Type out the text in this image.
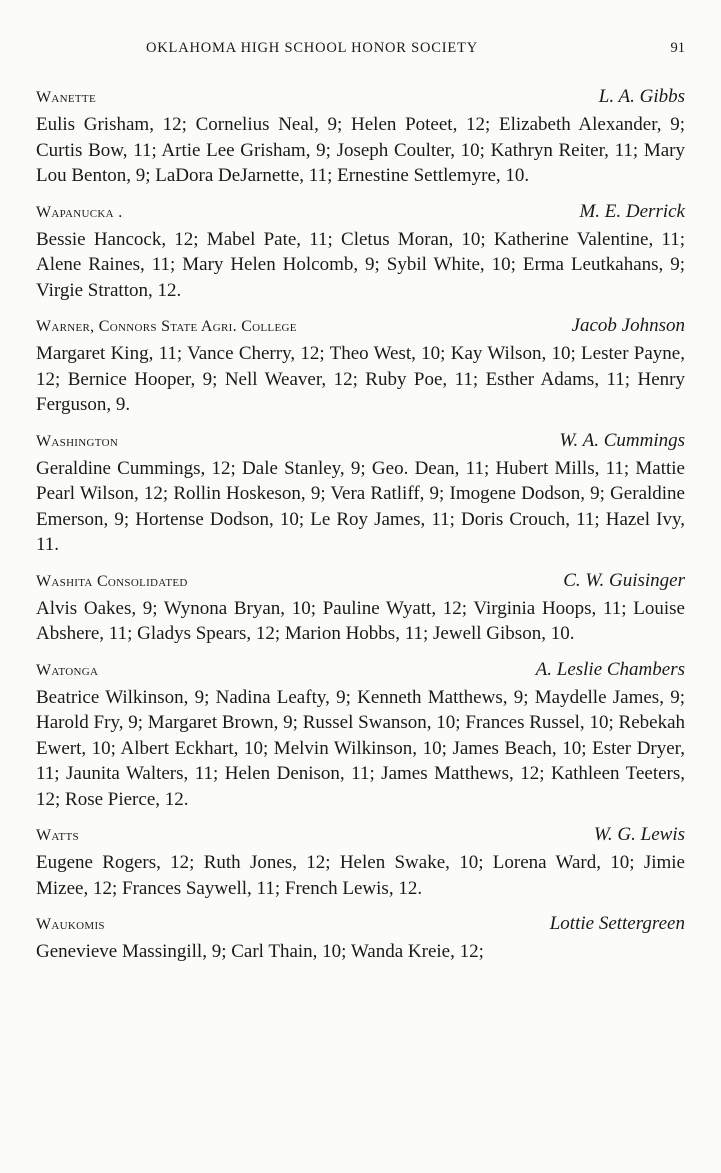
OKLAHOMA HIGH SCHOOL HONOR SOCIETY	91
Wanette	L. A. Gibbs
Eulis Grisham, 12; Cornelius Neal, 9; Helen Poteet, 12; Elizabeth Alexander, 9; Curtis Bow, 11; Artie Lee Grisham, 9; Joseph Coulter, 10; Kathryn Reiter, 11; Mary Lou Benton, 9; LaDora DeJarnette, 11; Ernestine Settlemyre, 10.
Wapanucka .	M. E. Derrick
Bessie Hancock, 12; Mabel Pate, 11; Cletus Moran, 10; Katherine Valentine, 11; Alene Raines, 11; Mary Helen Holcomb, 9; Sybil White, 10; Erma Leutkahans, 9; Virgie Stratton, 12.
Warner, Connors State Agri. College	Jacob Johnson
Margaret King, 11; Vance Cherry, 12; Theo West, 10; Kay Wilson, 10; Lester Payne, 12; Bernice Hooper, 9; Nell Weaver, 12; Ruby Poe, 11; Esther Adams, 11; Henry Ferguson, 9.
Washington	W. A. Cummings
Geraldine Cummings, 12; Dale Stanley, 9; Geo. Dean, 11; Hubert Mills, 11; Mattie Pearl Wilson, 12; Rollin Hoskeson, 9; Vera Ratliff, 9; Imogene Dodson, 9; Geraldine Emerson, 9; Hortense Dodson, 10; Le Roy James, 11; Doris Crouch, 11; Hazel Ivy, 11.
Washita Consolidated	C. W. Guisinger
Alvis Oakes, 9; Wynona Bryan, 10; Pauline Wyatt, 12; Virginia Hoops, 11; Louise Abshere, 11; Gladys Spears, 12; Marion Hobbs, 11; Jewell Gibson, 10.
Watonga	A. Leslie Chambers
Beatrice Wilkinson, 9; Nadina Leafty, 9; Kenneth Matthews, 9; Maydelle James, 9; Harold Fry, 9; Margaret Brown, 9; Russel Swanson, 10; Frances Russel, 10; Rebekah Ewert, 10; Albert Eckhart, 10; Melvin Wilkinson, 10; James Beach, 10; Ester Dryer, 11; Jaunita Walters, 11; Helen Denison, 11; James Matthews, 12; Kathleen Teeters, 12; Rose Pierce, 12.
Watts	W. G. Lewis
Eugene Rogers, 12; Ruth Jones, 12; Helen Swake, 10; Lorena Ward, 10; Jimie Mizee, 12; Frances Saywell, 11; French Lewis, 12.
Waukomis	Lottie Settergreen
Genevieve Massingill, 9; Carl Thain, 10; Wanda Kreie, 12;
